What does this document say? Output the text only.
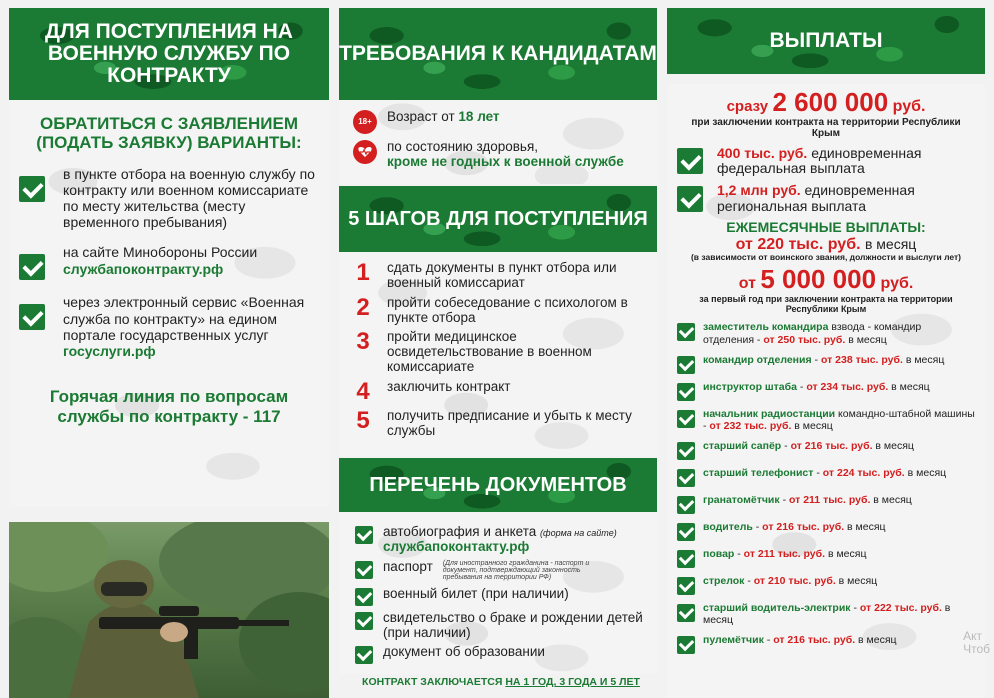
ДЛЯ ПОСТУПЛЕНИЯ НА ВОЕННУЮ СЛУЖБУ ПО КОНТРАКТУ
ОБРАТИТЬСЯ С ЗАЯВЛЕНИЕМ (ПОДАТЬ ЗАЯВКУ) ВАРИАНТЫ:
в пункте отбора на военную службу по контракту или военном комиссариате по месту жительства (месту временного пребывания)
на сайте Минобороны России
службапоконтракту.рф
через электронный сервис «Военная служба по контракту» на едином портале государственных услуг
госуслуги.рф
Горячая линия по вопросам службы по контракту - 117
ТРЕБОВАНИЯ К КАНДИДАТАМ
18+	Возраст от 18 лет
по состоянию здоровья,
кроме не годных к военной службе
5 ШАГОВ ДЛЯ ПОСТУПЛЕНИЯ
1 сдать документы в пункт отбора или военный комиссариат
2 пройти собеседование с психологом в пункте отбора
3 пройти медицинское освидетельствование в военном комиссариате
4 заключить контракт
5 получить предписание и убыть к месту службы
ПЕРЕЧЕНЬ ДОКУМЕНТОВ
автобиография и анкета (форма на сайте)
службапоконтакту.рф
паспорт (Для иностранного гражданина - паспорт и документ, подтверждающий законность пребывания на территории РФ)
военный билет (при наличии)
свидетельство о браке и рождении детей (при наличии)
документ об образовании
КОНТРАКТ ЗАКЛЮЧАЕТСЯ НА 1 ГОД, 3 ГОДА И 5 ЛЕТ
ВЫПЛАТЫ
сразу 2 600 000 руб.
при заключении контракта на территории Республики Крым
400 тыс. руб. единовременная федеральная выплата
1,2 млн руб. единовременная региональная выплата
ЕЖЕМЕСЯЧНЫЕ ВЫПЛАТЫ:
от 220 тыс. руб. в месяц
(в зависимости от воинского звания, должности и выслуги лет)
от 5 000 000 руб.
за первый год при заключении контракта на территории Республики Крым
заместитель командира взвода - командир отделения - от 250 тыс. руб. в месяц
командир отделения - от 238 тыс. руб. в месяц
инструктор штаба - от 234 тыс. руб. в месяц
начальник радиостанции командно-штабной машины - от 232 тыс. руб. в месяц
старший сапёр - от 216 тыс. руб. в месяц
старший телефонист - от 224 тыс. руб. в месяц
гранатомётчик - от 211 тыс. руб. в месяц
водитель - от 216 тыс. руб. в месяц
повар - от 211 тыс. руб. в месяц
стрелок - от 210 тыс. руб. в месяц
старший водитель-электрик - от 222 тыс. руб. в месяц
пулемётчик - от 216 тыс. руб. в месяц	Акт
Чтоб
